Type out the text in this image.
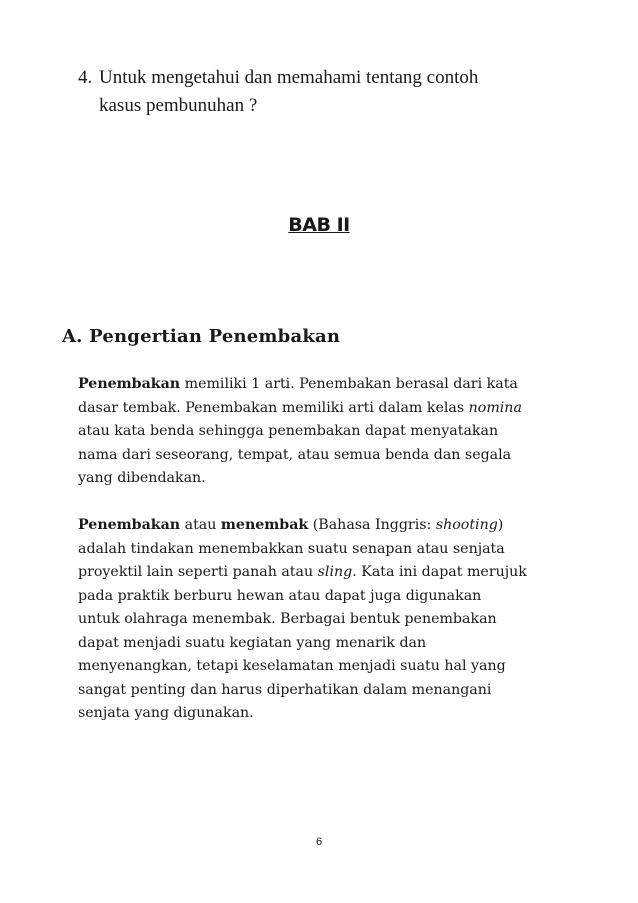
4. Untuk mengetahui dan memahami tentang contoh
kasus pembunuhan ?
BAB II
A. Pengertian Penembakan
Penembakan memiliki 1 arti. Penembakan berasal dari kata
dasar tembak. Penembakan memiliki arti dalam kelas nomina
atau kata benda sehingga penembakan dapat menyatakan
nama dari seseorang, tempat, atau semua benda dan segala
yang dibendakan.
Penembakan atau menembak (Bahasa Inggris: shooting)
adalah tindakan menembakkan suatu senapan atau senjata
proyektil lain seperti panah atau sling. Kata ini dapat merujuk
pada praktik berburu hewan atau dapat juga digunakan
untuk olahraga menembak. Berbagai bentuk penembakan
dapat menjadi suatu kegiatan yang menarik dan
menyenangkan, tetapi keselamatan menjadi suatu hal yang
sangat penting dan harus diperhatikan dalam menangani
senjata yang digunakan.
6
